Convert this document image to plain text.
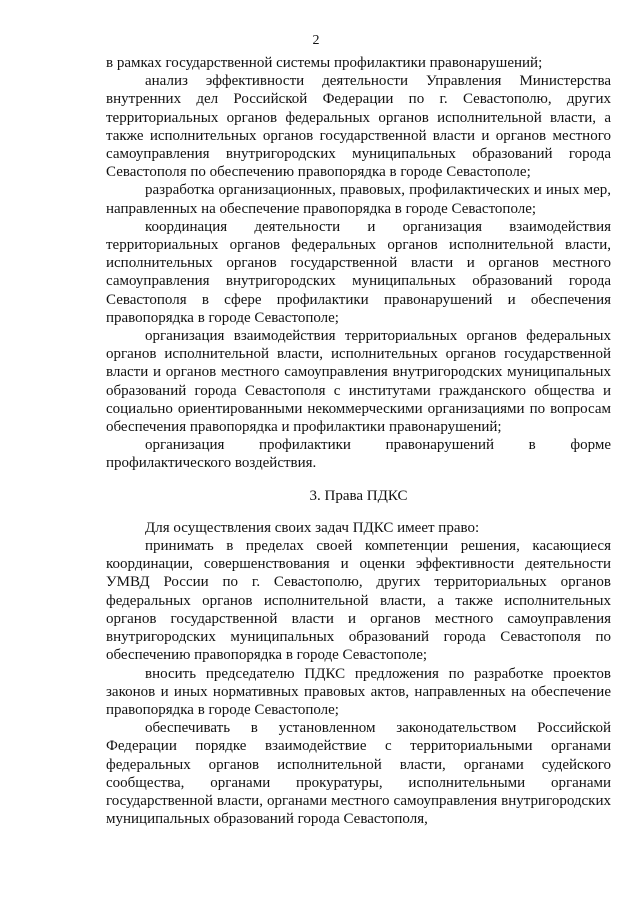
2

в рамках государственной системы профилактики правонарушений;

анализ эффективности деятельности Управления Министерства внутренних дел Российской Федерации по г. Севастополю, других территориальных органов федеральных органов исполнительной власти, а также исполнительных органов государственной власти и органов местного самоуправления внутригородских муниципальных образований города Севастополя по обеспечению правопорядка в городе Севастополе;

разработка организационных, правовых, профилактических и иных мер, направленных на обеспечение правопорядка в городе Севастополе;

координация деятельности и организация взаимодействия территориальных органов федеральных органов исполнительной власти, исполнительных органов государственной власти и органов местного самоуправления внутригородских муниципальных образований города Севастополя в сфере профилактики правонарушений и обеспечения правопорядка в городе Севастополе;

организация взаимодействия территориальных органов федеральных органов исполнительной власти, исполнительных органов государственной власти и органов местного самоуправления внутригородских муниципальных образований города Севастополя с институтами гражданского общества и социально ориентированными некоммерческими организациями по вопросам обеспечения правопорядка и профилактики правонарушений;

организация профилактики правонарушений в форме профилактического воздействия.

3. Права ПДКС

Для осуществления своих задач ПДКС имеет право:

принимать в пределах своей компетенции решения, касающиеся координации, совершенствования и оценки эффективности деятельности УМВД России по г. Севастополю, других территориальных органов федеральных органов исполнительной власти, а также исполнительных органов государственной власти и органов местного самоуправления внутригородских муниципальных образований города Севастополя по обеспечению правопорядка в городе Севастополе;

вносить председателю ПДКС предложения по разработке проектов законов и иных нормативных правовых актов, направленных на обеспечение правопорядка в городе Севастополе;

обеспечивать в установленном законодательством Российской Федерации порядке взаимодействие с территориальными органами федеральных органов исполнительной власти, органами судейского сообщества, органами прокуратуры, исполнительными органами государственной власти, органами местного самоуправления внутригородских муниципальных образований города Севастополя,
